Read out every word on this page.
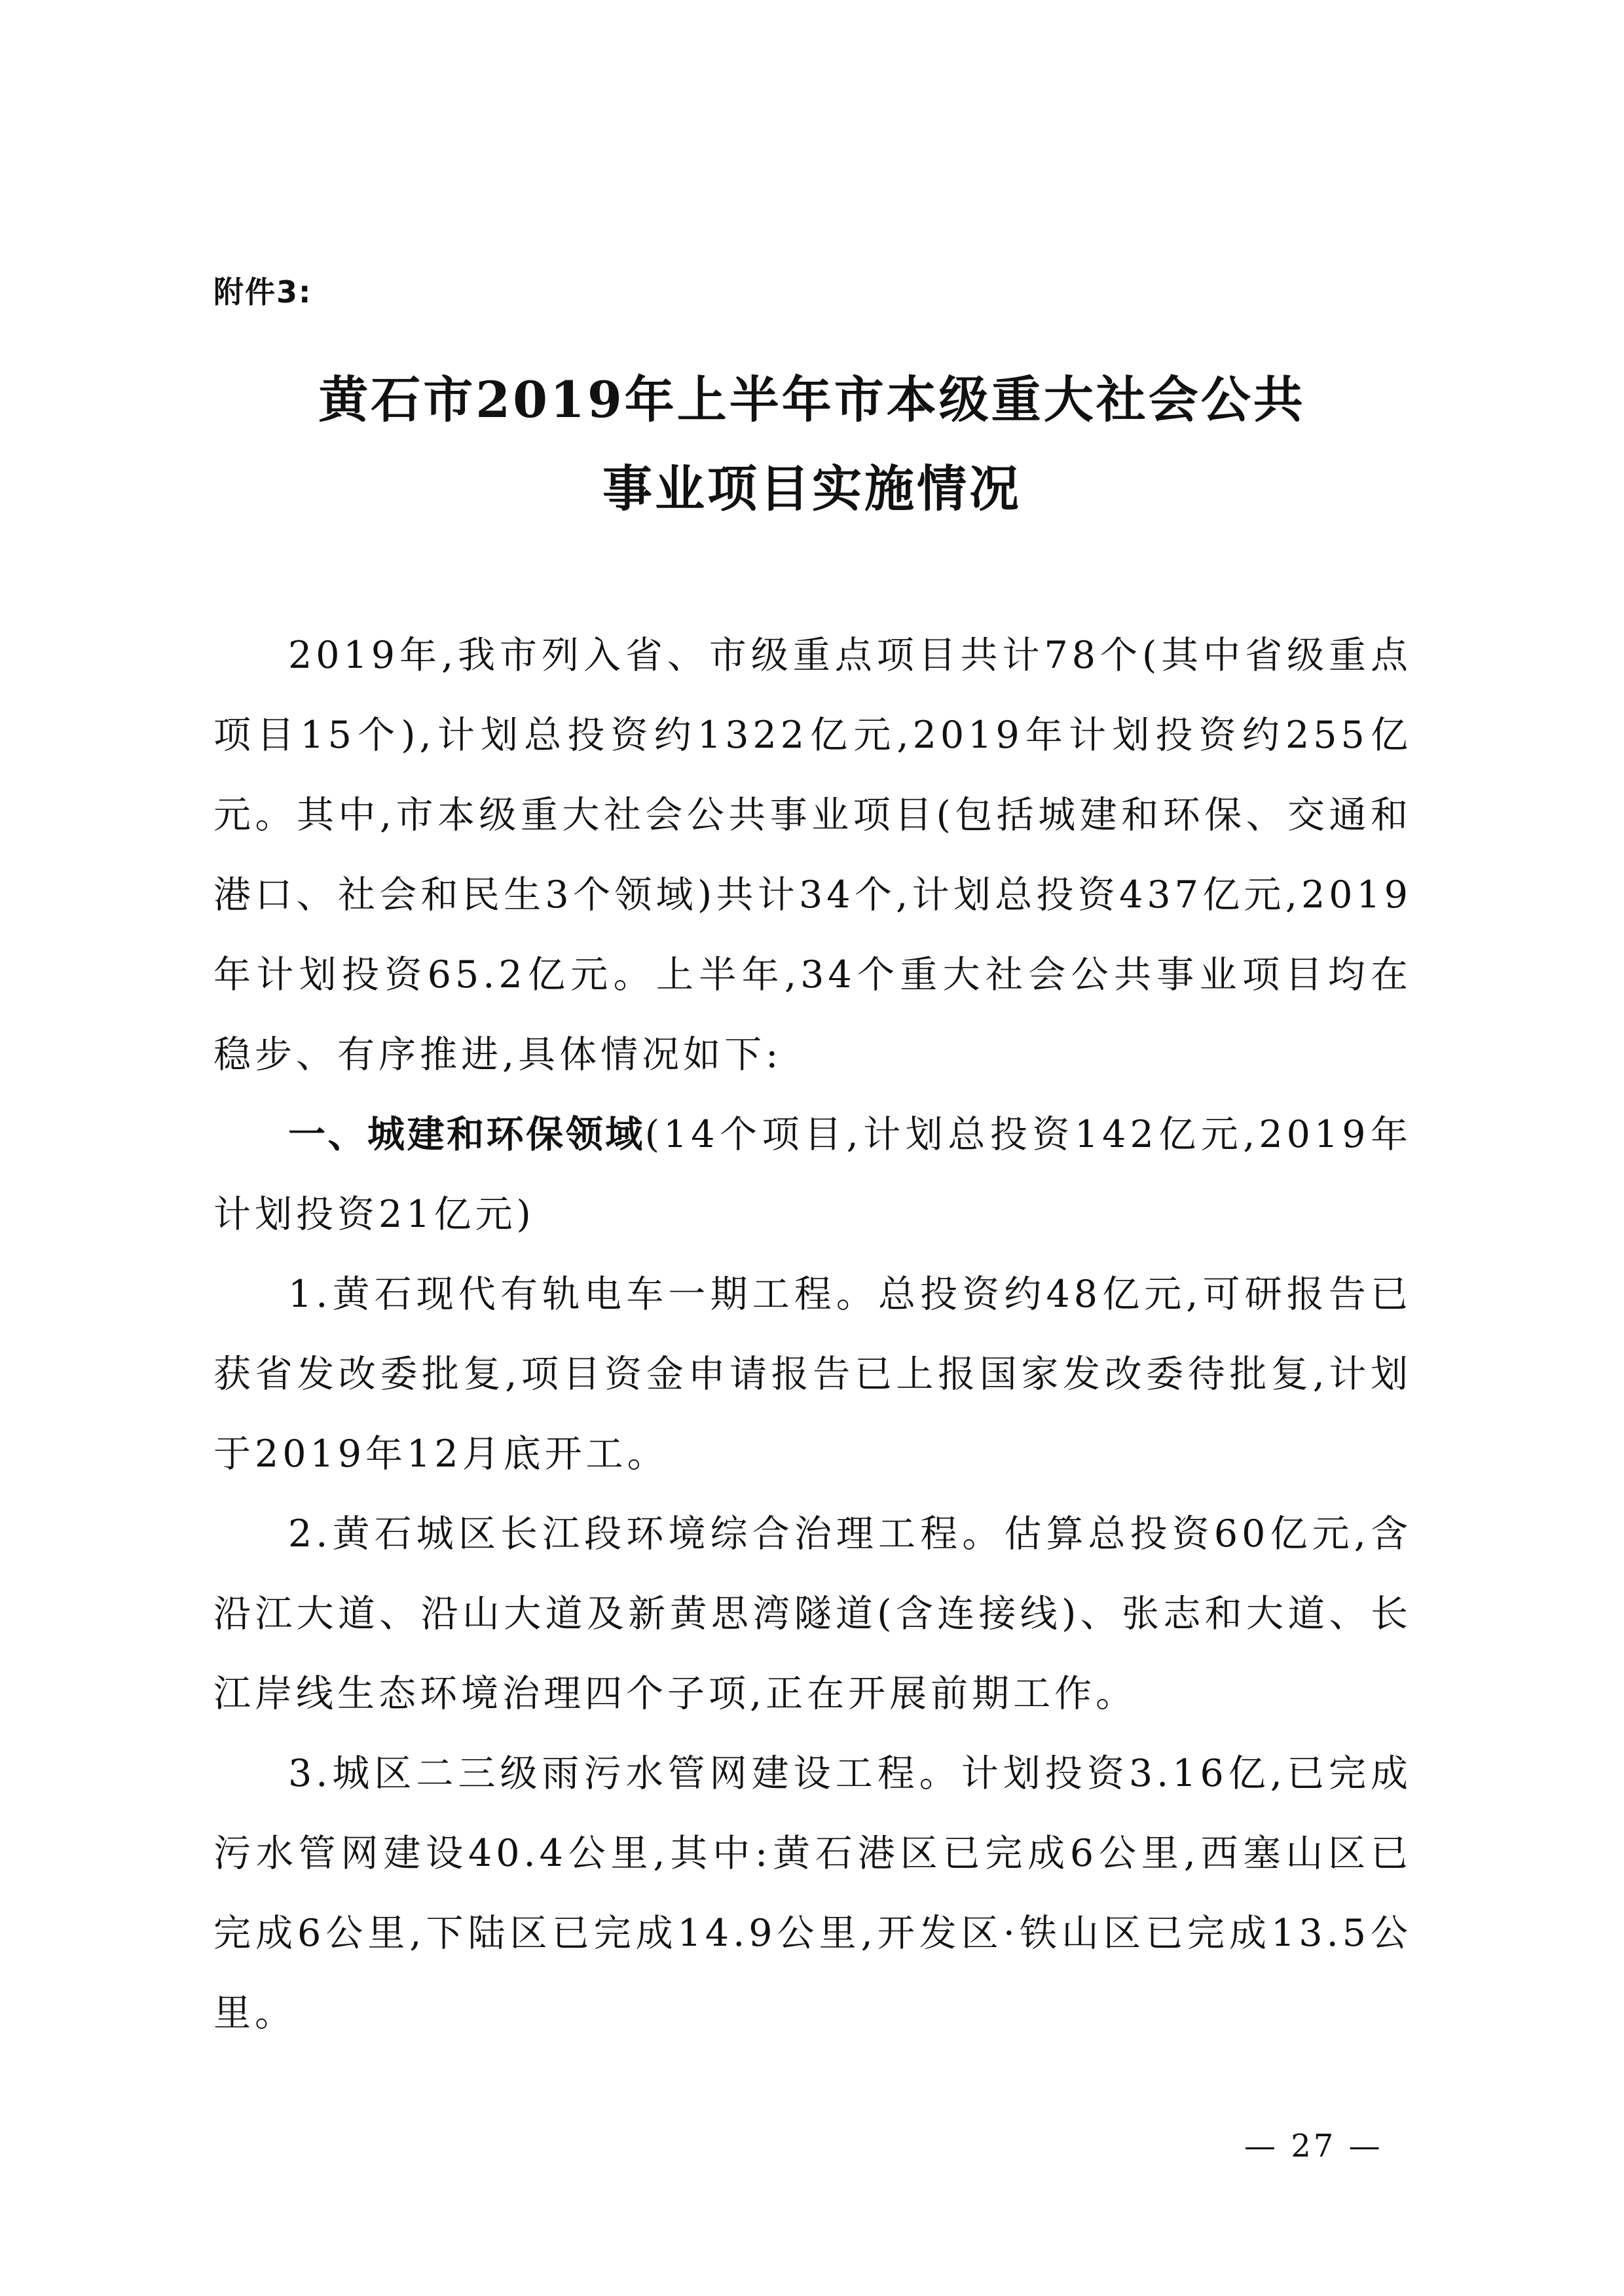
附件3:
黄石市2019年上半年市本级重大社会公共
事业项目实施情况

2019年,我市列入省、市级重点项目共计78个(其中省级重点项目15个),计划总投资约1322亿元,2019年计划投资约255亿元。其中,市本级重大社会公共事业项目(包括城建和环保、交通和港口、社会和民生3个领域)共计34个,计划总投资437亿元,2019年计划投资65.2亿元。上半年,34个重大社会公共事业项目均在稳步、有序推进,具体情况如下:

一、城建和环保领域(14个项目,计划总投资142亿元,2019年计划投资21亿元)

1.黄石现代有轨电车一期工程。总投资约48亿元,可研报告已获省发改委批复,项目资金申请报告已上报国家发改委待批复,计划于2019年12月底开工。

2.黄石城区长江段环境综合治理工程。估算总投资60亿元,含沿江大道、沿山大道及新黄思湾隧道(含连接线)、张志和大道、长江岸线生态环境治理四个子项,正在开展前期工作。

3.城区二三级雨污水管网建设工程。计划投资3.16亿,已完成污水管网建设40.4公里,其中:黄石港区已完成6公里,西塞山区已完成6公里,下陆区已完成14.9公里,开发区·铁山区已完成13.5公里。

— 27 —
